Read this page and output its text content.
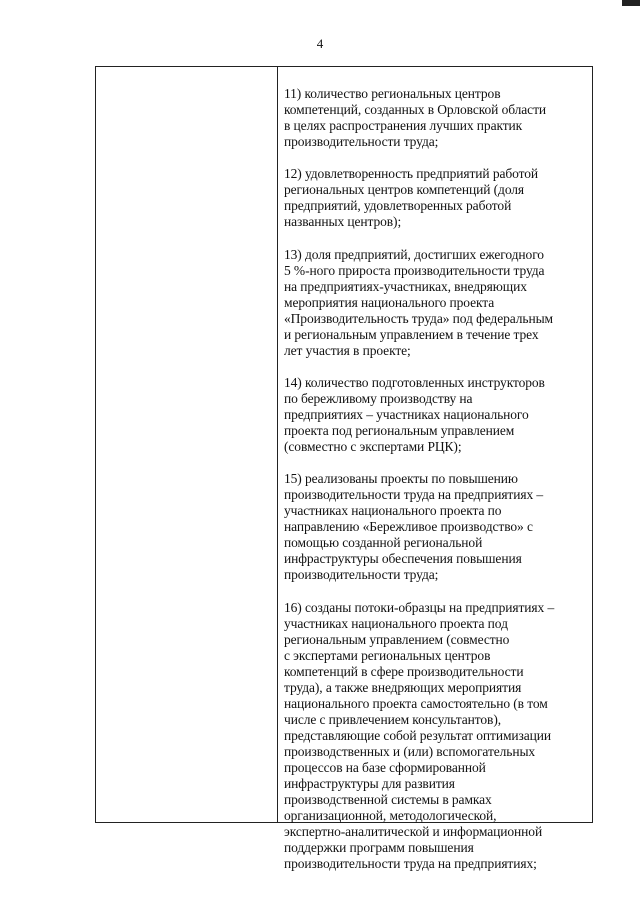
4

11) количество региональных центров
компетенций, созданных в Орловской области
в целях распространения лучших практик
производительности труда;

12) удовлетворенность предприятий работой
региональных центров компетенций (доля
предприятий, удовлетворенных работой
названных центров);

13) доля предприятий, достигших ежегодного
5 %-ного прироста производительности труда
на предприятиях-участниках, внедряющих
мероприятия национального проекта
«Производительность труда» под федеральным
и региональным управлением в течение трех
лет участия в проекте;

14) количество подготовленных инструкторов
по бережливому производству на
предприятиях – участниках национального
проекта под региональным управлением
(совместно с экспертами РЦК);

15) реализованы проекты по повышению
производительности труда на предприятиях –
участниках национального проекта по
направлению «Бережливое производство» с
помощью созданной региональной
инфраструктуры обеспечения повышения
производительности труда;

16) созданы потоки-образцы на предприятиях –
участниках национального проекта под
региональным управлением (совместно
с экспертами региональных центров
компетенций в сфере производительности
труда), а также внедряющих мероприятия
национального проекта самостоятельно (в том
числе с привлечением консультантов),
представляющие собой результат оптимизации
производственных и (или) вспомогательных
процессов на базе сформированной
инфраструктуры для развития
производственной системы в рамках
организационной, методологической,
экспертно-аналитической и информационной
поддержки программ повышения
производительности труда на предприятиях;
